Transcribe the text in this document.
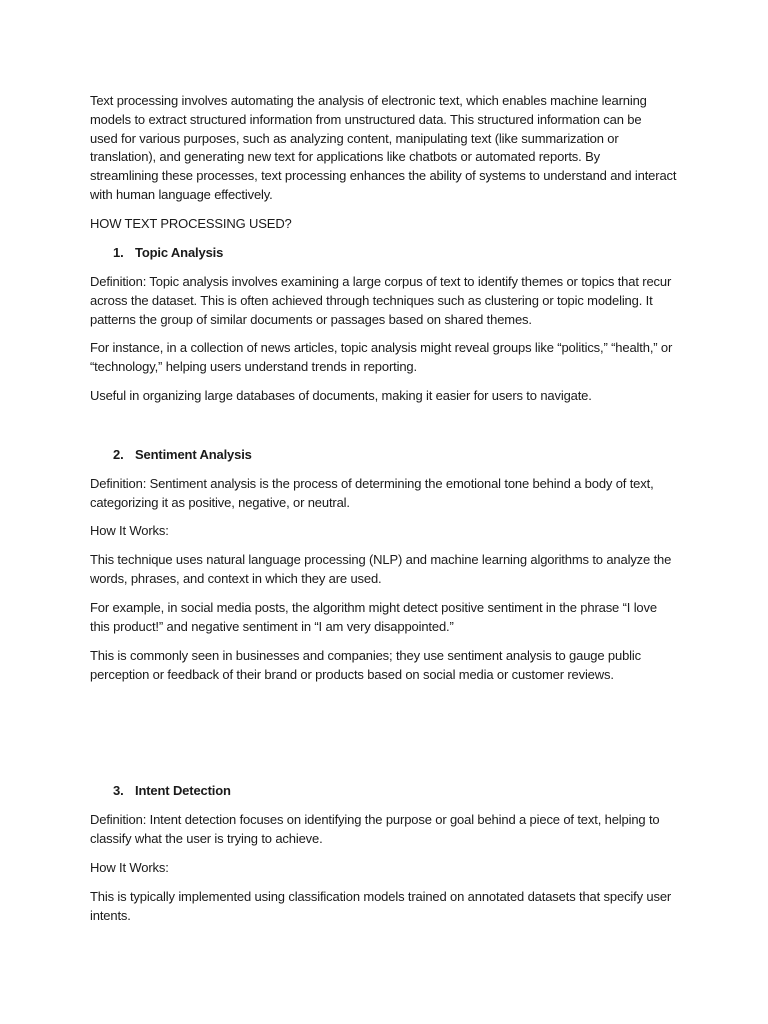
Text processing involves automating the analysis of electronic text, which enables machine learning
models to extract structured information from unstructured data. This structured information can be
used for various purposes, such as analyzing content, manipulating text (like summarization or
translation), and generating new text for applications like chatbots or automated reports. By
streamlining these processes, text processing enhances the ability of systems to understand and interact
with human language effectively.

HOW TEXT PROCESSING USED?

1. Topic Analysis

Definition: Topic analysis involves examining a large corpus of text to identify themes or topics that recur
across the dataset. This is often achieved through techniques such as clustering or topic modeling. It
patterns the group of similar documents or passages based on shared themes.

For instance, in a collection of news articles, topic analysis might reveal groups like “politics,” “health,” or
“technology,” helping users understand trends in reporting.

Useful in organizing large databases of documents, making it easier for users to navigate.

2. Sentiment Analysis

Definition: Sentiment analysis is the process of determining the emotional tone behind a body of text,
categorizing it as positive, negative, or neutral.

How It Works:

This technique uses natural language processing (NLP) and machine learning algorithms to analyze the
words, phrases, and context in which they are used.

For example, in social media posts, the algorithm might detect positive sentiment in the phrase “I love
this product!” and negative sentiment in “I am very disappointed.”

This is commonly seen in businesses and companies; they use sentiment analysis to gauge public
perception or feedback of their brand or products based on social media or customer reviews.

3. Intent Detection

Definition: Intent detection focuses on identifying the purpose or goal behind a piece of text, helping to
classify what the user is trying to achieve.

How It Works:

This is typically implemented using classification models trained on annotated datasets that specify user
intents.
